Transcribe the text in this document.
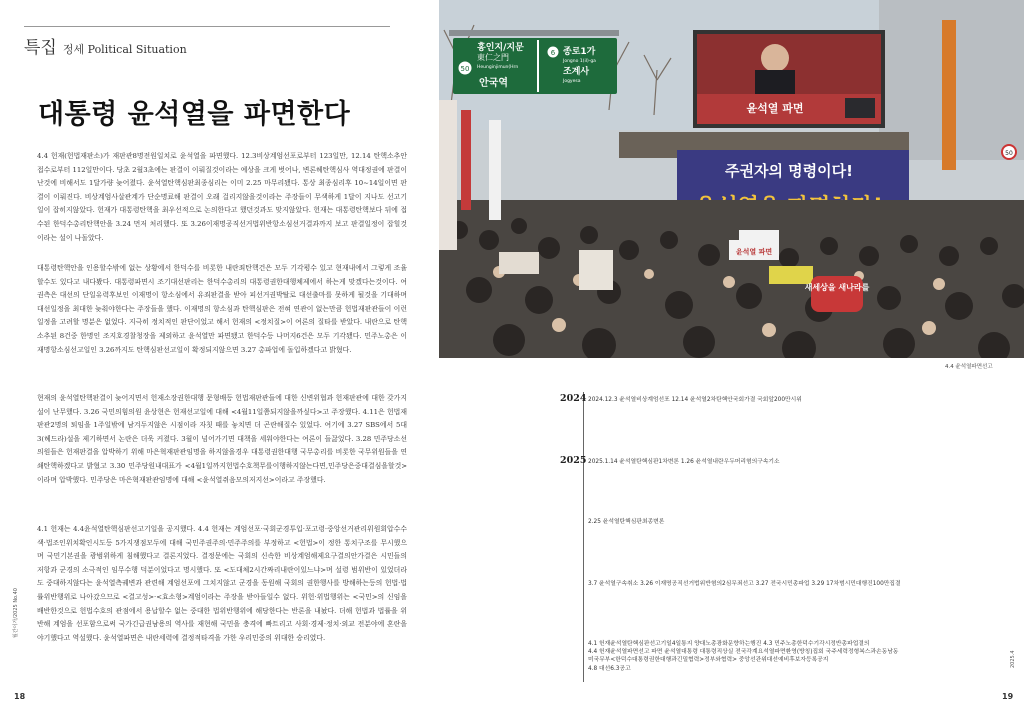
특집 정세 Political Situation
대통령 윤석열을 파면한다

4.4 헌재(헌법재판소)가 재판관8명전원일치로 윤석열을 파면했다. 12.3비상계엄선포로부터 123일만, 12.14 탄핵소추안접수로부터 112일만이다. 당초 2월3초에는 판결이 이뤄질것이라는 예상을 크게 벗어나, 변론헤탄핵심사 역대정권에 판결이 난것에 비해서도 1달가량 늦어졌다. 윤석열탄핵심판최종심리는 이미 2.25 마무리됐다. 통상 최종심리후 10~14일이면 판결이 이뤄진다. 비상계엄사살관계가 단순명료해 판결이 오래 걸리지않을것이라는 주장들이 무색하게 1달이 지나도 선고기일이 잡히지않았다. 헌재가 대통령탄핵을 최우선적으로 논의한다고 했던것과도 맞지않았다. 헌재는 대통령탄핵보다 뒤에 접수된 한덕수총리탄핵안을 3.24 먼저 처리했다. 또 3.26이재명공직선거법위반항소심선거결과까지 보고 판결일정이 잡힐것이라는 설이 나돌았다.

대통령탄핵안을 인용할수밖에 없는 상황에서 한덕수를 비롯한 내란죄탄핵건은 모두 기각평수 있고 현재내에서 그렇게 조율할수도 있다고 내다봤다. 대통령파면시 조기대선판리는 한덕수총리의 대통령권한대행체제에서 하는게 맞겠다는것이다. 여권측은 대선의 단일유력후보인 이재명이 항소심에서 유죄판결을 받아 피선거권박탈로 대선출마를 못하게 될것을 기대하며 대선일정을 최대한 늦춰야한다는 주장들을 했다. 이재명의 항소심과 탄핵심판은 전혀 연관이 없는만큼 헌법재판관들이 이런 일정을 고려할 명분은 없었다. 지극히 정치적인 판단이었고 해서 헌재의 <정치질>이 여론의 질타를 받았다. 내란으로 탄핵소추된 8건중 한명인 조지호경찰청장을 제외하고 윤석열만 파면됐고 한덕수등 나머지6건은 모두 기각됐다. 민주노총은 이재명항소심선고일인 3.26까지도 탄핵심판선고일이 확정되지않으면 3.27 총파업에 돌입하겠다고 밝혔다.

현재의 윤석열탄핵판결이 늦어지면서 헌재소장권한대행 문형배등 헌법재판관들에 대한 신변위협과 헌재판관에 대한 갖가지 설이 난무했다. 3.26 국민의힘의원 윤상현은 헌재선고일에 대해 <4월11일쯤되지않을까싶다>고 주장했다. 4.11은 헌법재판관2명의 퇴임을 1주일밖에 남겨두지않은 시점이라 자칫 때를 놓치면 더 곤란해질수 있었다. 여기에 3.27 SBS에서 5대3(헤드라)설을 제기하면서 논란은 더욱 커졌다. 3월이 넘어가기면 대책을 세워야한다는 여론이 들끓었다. 3.28 민주당소선의원들은 헌재판결을 압박하기 위해 마은혁재판관임명을 하지않을경우 대통령권한대행 국무총리를 비롯한 국무위원들을 연쇄탄핵하겠다고 밝혔고 3.30 민주당원내대표가 <4월1일까지헌법수호책무를이행하지않는다면,민주당은중대결심을할것>이라며 압박했다. 민주당은 마은혁재판관임명에 대해 <윤석열쥐음모의저지선>이라고 주장했다.

4.1 헌재는 4.4윤석열탄핵심판선고기일을 공지했다. 4.4 헌재는 계엄선포·국회군경투입·포고령·중앙선거관리위원회압수수색·법조인위치확인시도등 5가지쟁점모두에 대해 국민주권주의·민주주의를 부정하고 <헌법>이 정한 통치구조를 무시했으며 국민기본권을 광범위하게 침해했다고 결론지었다. 결정문에는 국회의 신속한 비상계엄해제요구결의안가결은 시민들의 저항과 군경의 소극적인 임무수행 덕분이었다고 명시했다. 또 <도대체2시간짜리내란이있느냐>며 설령 범위반이 있었더라도 중대하지않다는 윤석열측궤변과 관련해 계엄선포에 그치지않고 군경을 동원해 국회의 권한행사를 방해하는등의 헌법·법률위반행위로 나아갔으므로 <결고성>·<효소형>계엄이라는 주장을 받아들일수 없다. 위헌·위법행위는 <국민>의 신임을 배반한것으로 헌법수호의 관점에서 용납할수 없는 중대한 법위반행위에 해당한다는 반론을 내놨다. 더해 헌법과 법률을 위반해 계엄을 선포함으로써 국가긴급권남용의 역사를 재현해 국민을 충격에 빠트리고 사회·경제·정치·외교 전분야에 혼란을 야기했다고 역설했다. 윤석열파면은 내란세력에 결정적타격을 가한 우리민중의 위대한 승리였다.

월간이가/2025 No.40
2025.4
18	19
50
6
홍인지/지문
東仁之門
Heunginjimun(Hrn
안국역
종로1가
Jongno 1(il)-ga
조계사
Jogyesa
윤석열 파면
주권자의 명령이다!
50
새세상을 새나라를
윤석열 파면
4.4 윤석열파면선고
2024
2025
2024.12.3 윤석열비상계엄선포 12.14 윤석열2차탄핵안국회가결 국회앞200만시위
2025.1.14 윤석열탄핵심판1차변론 1.26 윤석열내란우두머리혐의구속기소
2.25 윤석열탄핵심판최종변론
3.7 윤석열구속취소 3.26 이재명공직선거법위반혐의2심무죄선고 3.27 전국시민총파업 3.29 17차범시민대행진100만집결
4.1 헌재윤석열탄핵심판선고기일4일통지 양대노총광화문향하는행진 4.3 민주노총한덕수기각시정반총파업결의
4.4 헌재윤석열파면선고 파면 윤석열대통령 대통령직상실 전국각계요석열파면환영(방칭)집회 국주세력정형복스과손동남동
미국무부<한덕수대통령권한대행과긴밀협력>정부와협력> 중앙선관위대선예비후보자등록공지
4.8 대선6.3공고
